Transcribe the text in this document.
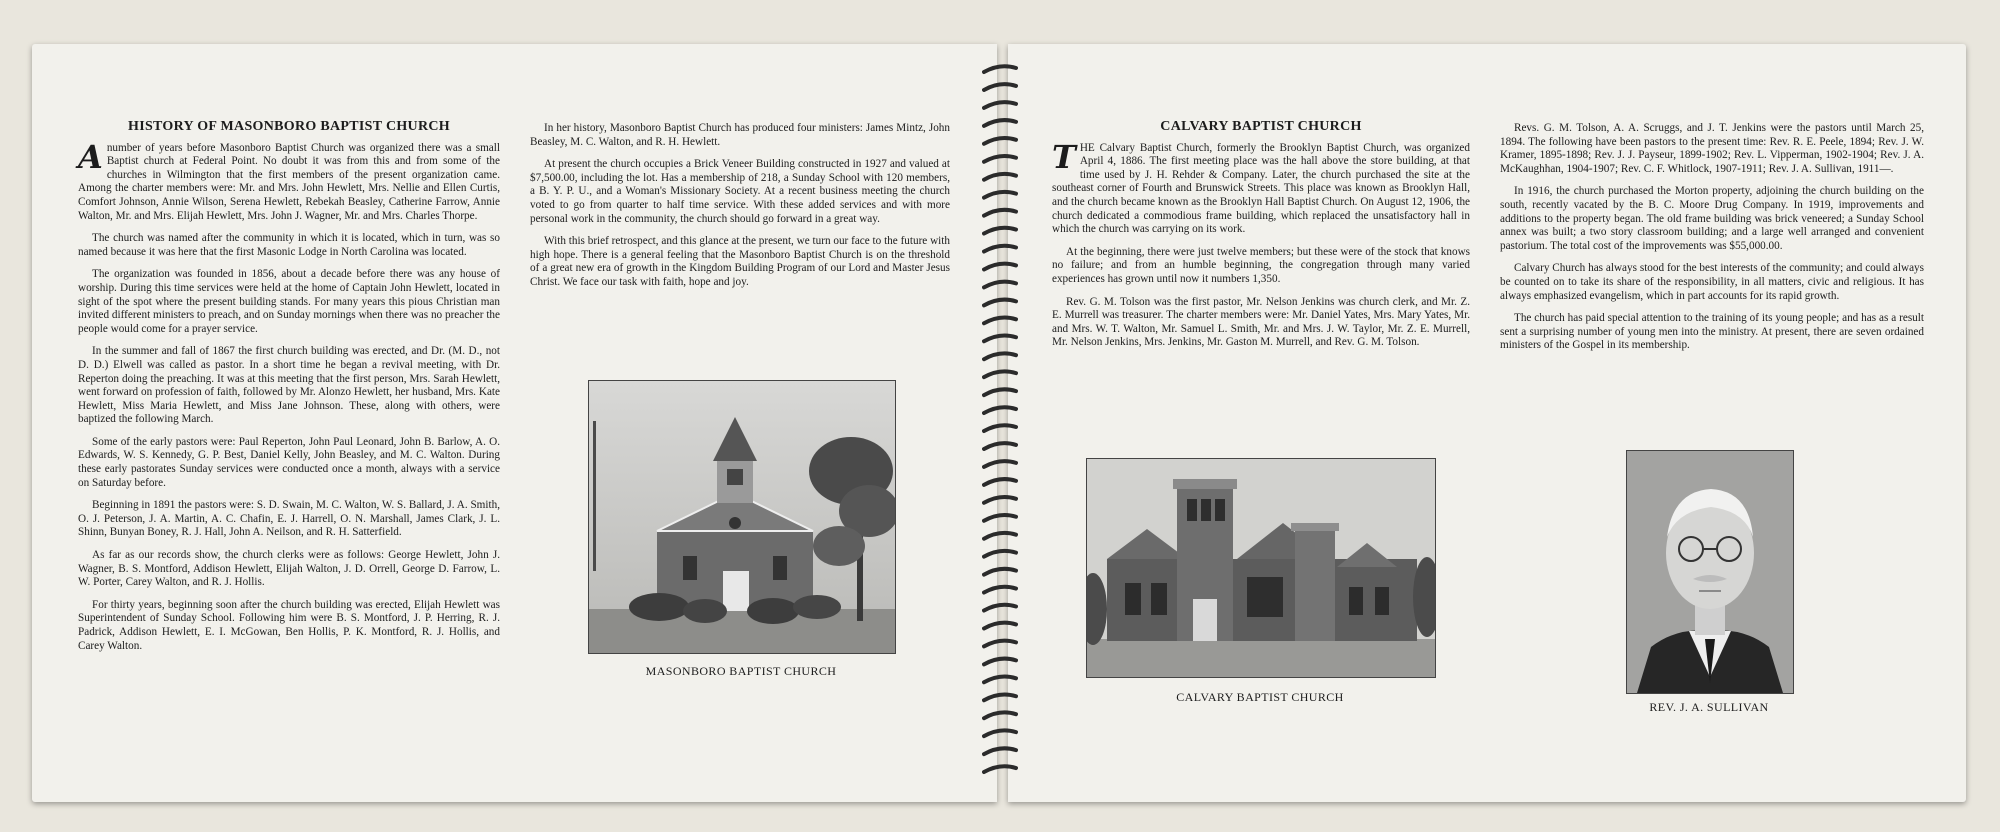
HISTORY OF MASONBORO BAPTIST CHURCH

Anumber of years before Masonboro Baptist Church was organized there was a small Baptist church at Federal Point. No doubt it was from this and from some of the churches in Wilmington that the first members of the present organization came. Among the charter members were: Mr. and Mrs. John Hewlett, Mrs. Nellie and Ellen Curtis, Comfort Johnson, Annie Wilson, Serena Hewlett, Rebekah Beasley, Catherine Farrow, Annie Walton, Mr. and Mrs. Elijah Hewlett, Mrs. John J. Wagner, Mr. and Mrs. Charles Thorpe.

The church was named after the community in which it is located, which in turn, was so named because it was here that the first Masonic Lodge in North Carolina was located.

The organization was founded in 1856, about a decade before there was any house of worship. During this time services were held at the home of Captain John Hewlett, located in sight of the spot where the present building stands. For many years this pious Christian man invited different ministers to preach, and on Sunday mornings when there was no preacher the people would come for a prayer service.

In the summer and fall of 1867 the first church building was erected, and Dr. (M. D., not D. D.) Elwell was called as pastor. In a short time he began a revival meeting, with Dr. Reperton doing the preaching. It was at this meeting that the first person, Mrs. Sarah Hewlett, went forward on profession of faith, followed by Mr. Alonzo Hewlett, her husband, Mrs. Kate Hewlett, Miss Maria Hewlett, and Miss Jane Johnson. These, along with others, were baptized the following March.

Some of the early pastors were: Paul Reperton, John Paul Leonard, John B. Barlow, A. O. Edwards, W. S. Kennedy, G. P. Best, Daniel Kelly, John Beasley, and M. C. Walton. During these early pastorates Sunday services were conducted once a month, always with a service on Saturday before.

Beginning in 1891 the pastors were: S. D. Swain, M. C. Walton, W. S. Ballard, J. A. Smith, O. J. Peterson, J. A. Martin, A. C. Chafin, E. J. Harrell, O. N. Marshall, James Clark, J. L. Shinn, Bunyan Boney, R. J. Hall, John A. Neilson, and R. H. Satterfield.

As far as our records show, the church clerks were as follows: George Hewlett, John J. Wagner, B. S. Montford, Addison Hewlett, Elijah Walton, J. D. Orrell, George D. Farrow, L. W. Porter, Carey Walton, and R. J. Hollis.

For thirty years, beginning soon after the church building was erected, Elijah Hewlett was Superintendent of Sunday School. Following him were B. S. Montford, J. P. Herring, R. J. Padrick, Addison Hewlett, E. I. McGowan, Ben Hollis, P. K. Montford, R. J. Hollis, and Carey Walton.

In her history, Masonboro Baptist Church has produced four ministers: James Mintz, John Beasley, M. C. Walton, and R. H. Hewlett.

At present the church occupies a Brick Veneer Building constructed in 1927 and valued at $7,500.00, including the lot. Has a membership of 218, a Sunday School with 120 members, a B. Y. P. U., and a Woman's Missionary Society. At a recent business meeting the church voted to go from quarter to half time service. With these added services and with more personal work in the community, the church should go forward in a great way.

With this brief retrospect, and this glance at the present, we turn our face to the future with high hope. There is a general feeling that the Masonboro Baptist Church is on the threshold of a great new era of growth in the Kingdom Building Program of our Lord and Master Jesus Christ. We face our task with faith, hope and joy.

MASONBORO BAPTIST CHURCH
CALVARY BAPTIST CHURCH

THE Calvary Baptist Church, formerly the Brooklyn Baptist Church, was organized April 4, 1886. The first meeting place was the hall above the store building, at that time used by J. H. Rehder & Company. Later, the church purchased the site at the southeast corner of Fourth and Brunswick Streets. This place was known as Brooklyn Hall, and the church became known as the Brooklyn Hall Baptist Church. On August 12, 1906, the church dedicated a commodious frame building, which replaced the unsatisfactory hall in which the church was carrying on its work.

At the beginning, there were just twelve members; but these were of the stock that knows no failure; and from an humble beginning, the congregation through many varied experiences has grown until now it numbers 1,350.

Rev. G. M. Tolson was the first pastor, Mr. Nelson Jenkins was church clerk, and Mr. Z. E. Murrell was treasurer. The charter members were: Mr. Daniel Yates, Mrs. Mary Yates, Mr. and Mrs. W. T. Walton, Mr. Samuel L. Smith, Mr. and Mrs. J. W. Taylor, Mr. Z. E. Murrell, Mr. Nelson Jenkins, Mrs. Jenkins, Mr. Gaston M. Murrell, and Rev. G. M. Tolson.

Revs. G. M. Tolson, A. A. Scruggs, and J. T. Jenkins were the pastors until March 25, 1894. The following have been pastors to the present time: Rev. R. E. Peele, 1894; Rev. J. W. Kramer, 1895-1898; Rev. J. J. Payseur, 1899-1902; Rev. L. Vipperman, 1902-1904; Rev. J. A. McKaughhan, 1904-1907; Rev. C. F. Whitlock, 1907-1911; Rev. J. A. Sullivan, 1911—.

In 1916, the church purchased the Morton property, adjoining the church building on the south, recently vacated by the B. C. Moore Drug Company. In 1919, improvements and additions to the property began. The old frame building was brick veneered; a Sunday School annex was built; a two story classroom building; and a large well arranged and convenient pastorium. The total cost of the improvements was $55,000.00.

Calvary Church has always stood for the best interests of the community; and could always be counted on to take its share of the responsibility, in all matters, civic and religious. It has always emphasized evangelism, which in part accounts for its rapid growth.

The church has paid special attention to the training of its young people; and has as a result sent a surprising number of young men into the ministry. At present, there are seven ordained ministers of the Gospel in its membership.

CALVARY BAPTIST CHURCH
REV. J. A. SULLIVAN
